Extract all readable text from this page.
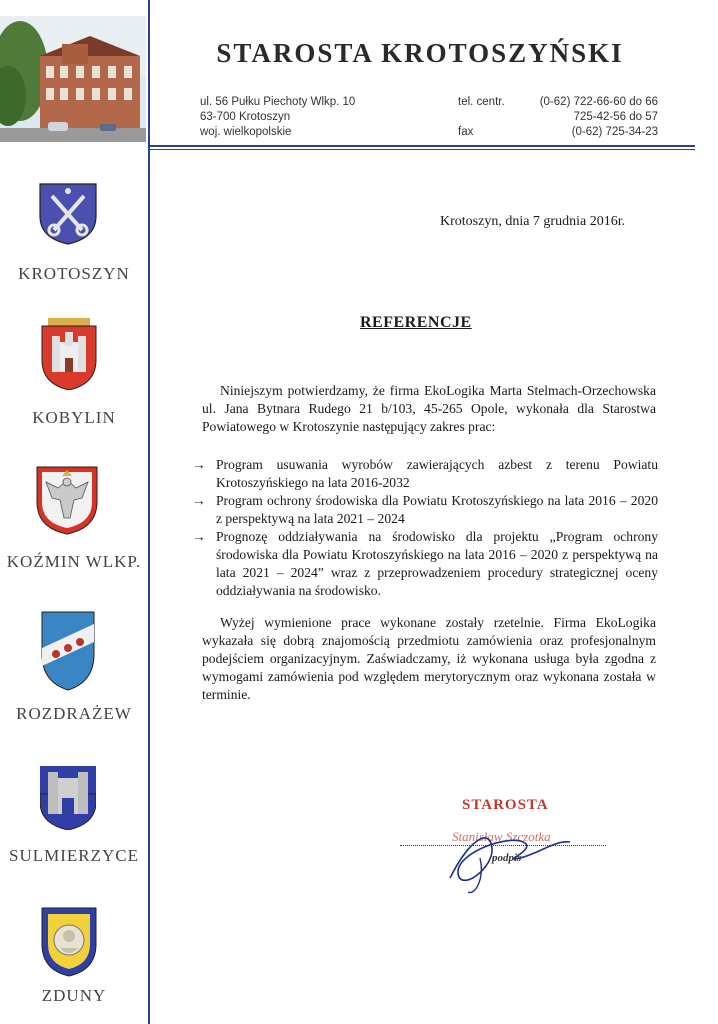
STAROSTA KROTOSZYŃSKI
ul. 56 Pułku Piechoty Wlkp. 10
63-700 Krotoszyn
woj. wielkopolskie
tel. centr.	(0-62) 722-66-60 do 66
725-42-56 do 57
fax	(0-62) 725-34-23
KROTOSZYN
KOBYLIN
KOŹMIN WLKP.
ROZDRAŻEW
SULMIERZYCE
ZDUNY
Krotoszyn, dnia 7 grudnia 2016r.
REFERENCJE
Niniejszym potwierdzamy, że firma EkoLogika Marta Stelmach-Orzechowska ul. Jana Bytnara Rudego 21 b/103, 45-265 Opole, wykonała dla Starostwa Powiatowego w Krotoszynie następujący zakres prac:
→ Program usuwania wyrobów zawierających azbest z terenu Powiatu Krotoszyńskiego na lata 2016-2032
→ Program ochrony środowiska dla Powiatu Krotoszyńskiego na lata 2016 – 2020 z perspektywą na lata 2021 – 2024
→ Prognozę oddziaływania na środowisko dla projektu „Program ochrony środowiska dla Powiatu Krotoszyńskiego na lata 2016 – 2020 z perspektywą na lata 2021 – 2024” wraz z przeprowadzeniem procedury strategicznej oceny oddziaływania na środowisko.
Wyżej wymienione prace wykonane zostały rzetelnie. Firma EkoLogika wykazała się dobrą znajomością przedmiotu zamówienia oraz profesjonalnym podejściem organizacyjnym. Zaświadczamy, iż wykonana usługa była zgodna z wymogami zamówienia pod względem merytorycznym oraz wykonana została w terminie.
STAROSTA
Stanisław Szczotka
podpis
